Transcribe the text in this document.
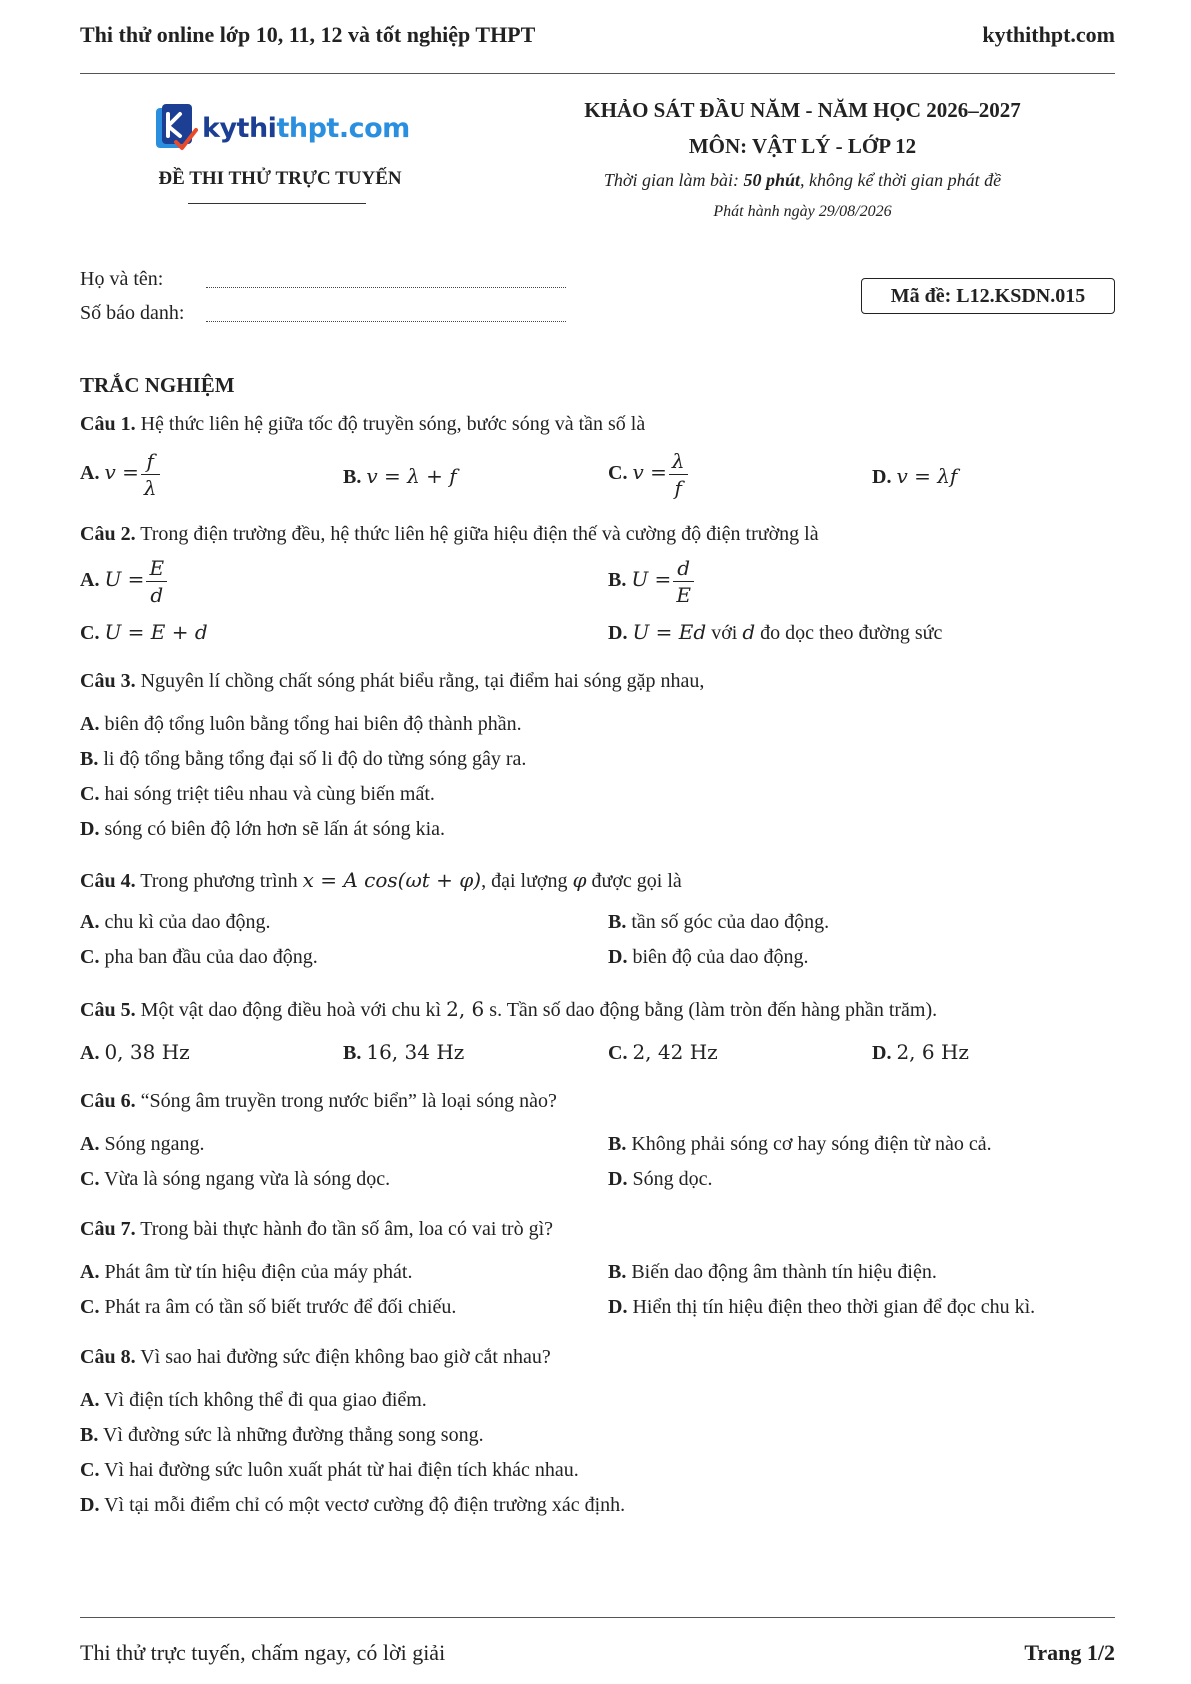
Thi thử online lớp 10, 11, 12 và tốt nghiệp THPT	kythithpt.com
kythithpt.com
ĐỀ THI THỬ TRỰC TUYẾN
KHẢO SÁT ĐẦU NĂM - NĂM HỌC 2026–2027
MÔN: VẬT LÝ - LỚP 12
Thời gian làm bài: 50 phút, không kể thời gian phát đề
Phát hành ngày 29/08/2026
Họ và tên:
Số báo danh:
Mã đề: L12.KSDN.015
TRẮC NGHIỆM
Câu 1. Hệ thức liên hệ giữa tốc độ truyền sóng, bước sóng và tần số là
A. $v = \frac{f}{\lambda}$	B. v = λ + f	C. $v = \frac{\lambda}{f}$	D. v = λf
Câu 2. Trong điện trường đều, hệ thức liên hệ giữa hiệu điện thế và cường độ điện trường là
A. $U = \frac{E}{d}$	B. $U = \frac{d}{E}$
C. U = E + d	D. U = Ed với d đo dọc theo đường sức
Câu 3. Nguyên lí chồng chất sóng phát biểu rằng, tại điểm hai sóng gặp nhau,
A. biên độ tổng luôn bằng tổng hai biên độ thành phần.
B. li độ tổng bằng tổng đại số li độ do từng sóng gây ra.
C. hai sóng triệt tiêu nhau và cùng biến mất.
D. sóng có biên độ lớn hơn sẽ lấn át sóng kia.
Câu 4. Trong phương trình x = A cos(ωt + φ), đại lượng φ được gọi là
A. chu kì của dao động.	B. tần số góc của dao động.
C. pha ban đầu của dao động.	D. biên độ của dao động.
Câu 5. Một vật dao động điều hoà với chu kì 2, 6 s. Tần số dao động bằng (làm tròn đến hàng phần trăm).
A. 0, 38 Hz	B. 16, 34 Hz	C. 2, 42 Hz	D. 2, 6 Hz
Câu 6. “Sóng âm truyền trong nước biển” là loại sóng nào?
A. Sóng ngang.	B. Không phải sóng cơ hay sóng điện từ nào cả.
C. Vừa là sóng ngang vừa là sóng dọc.	D. Sóng dọc.
Câu 7. Trong bài thực hành đo tần số âm, loa có vai trò gì?
A. Phát âm từ tín hiệu điện của máy phát.	B. Biến dao động âm thành tín hiệu điện.
C. Phát ra âm có tần số biết trước để đối chiếu.	D. Hiển thị tín hiệu điện theo thời gian để đọc chu kì.
Câu 8. Vì sao hai đường sức điện không bao giờ cắt nhau?
A. Vì điện tích không thể đi qua giao điểm.
B. Vì đường sức là những đường thẳng song song.
C. Vì hai đường sức luôn xuất phát từ hai điện tích khác nhau.
D. Vì tại mỗi điểm chỉ có một vectơ cường độ điện trường xác định.
Thi thử trực tuyến, chấm ngay, có lời giải	Trang 1/2
